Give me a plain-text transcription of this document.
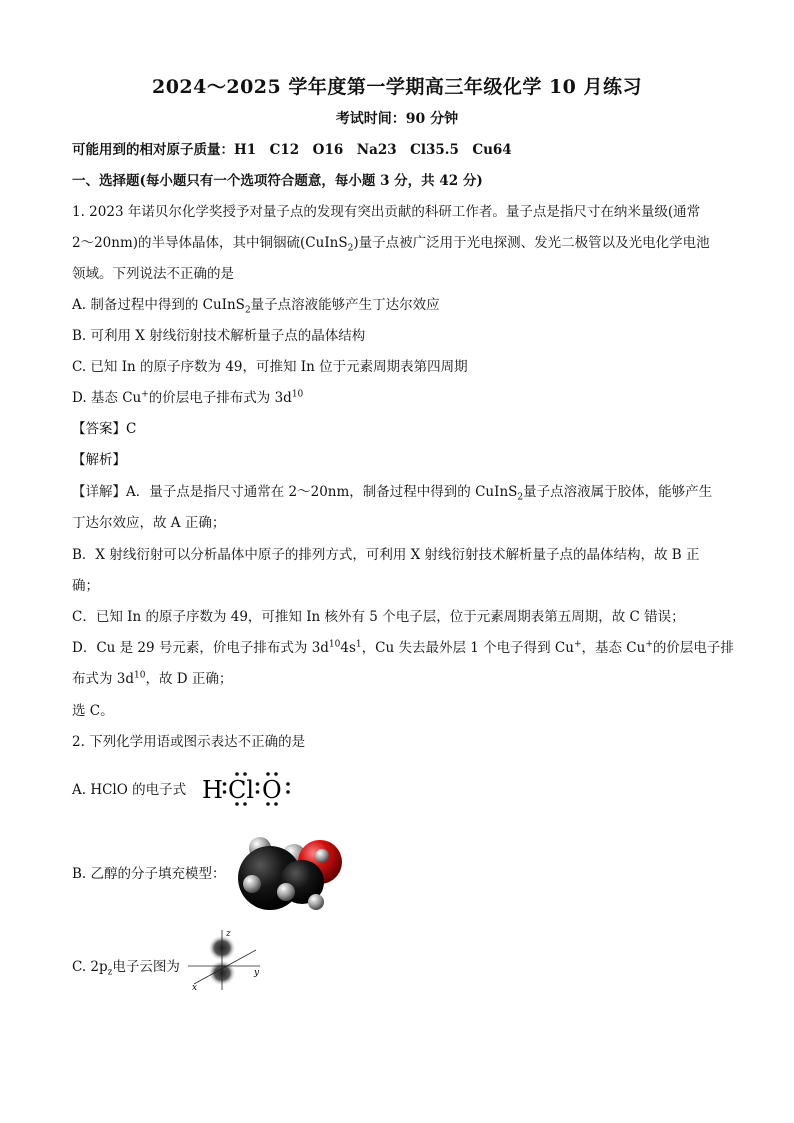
2024～2025 学年度第一学期高三年级化学 10 月练习
考试时间：90 分钟
可能用到的相对原子质量：H1　C12　O16　Na23　Cl35.5　Cu64
一、选择题(每小题只有一个选项符合题意，每小题 3 分，共 42 分)
1. 2023 年诺贝尔化学奖授予对量子点的发现有突出贡献的科研工作者。量子点是指尺寸在纳米量级(通常
2～20nm)的半导体晶体，其中铜铟硫(CuInS$_2$)量子点被广泛用于光电探测、发光二极管以及光电化学电池
领域。下列说法不正确的是
A. 制备过程中得到的 CuInS$_2$量子点溶液能够产生丁达尔效应
B. 可利用 X 射线衍射技术解析量子点的晶体结构
C. 已知 In 的原子序数为 49，可推知 In 位于元素周期表第四周期
D. 基态 Cu+的价层电子排布式为 $3d^{10}$
【答案】C
【解析】
【详解】A．量子点是指尺寸通常在 2～20nm，制备过程中得到的 CuInS$_2$量子点溶液属于胶体，能够产生
丁达尔效应，故 A 正确；
B．X 射线衍射可以分析晶体中原子的排列方式，可利用 X 射线衍射技术解析量子点的晶体结构，故 B 正
确；
C．已知 In 的原子序数为 49，可推知 In 核外有 5 个电子层，位于元素周期表第五周期，故 C 错误；
D．Cu 是 29 号元素，价电子排布式为 $3d^{10}4s^1$，Cu 失去最外层 1 个电子得到 Cu+，基态 Cu+的价层电子排
布式为 $3d^{10}$，故 D 正确；
选 C。
2. 下列化学用语或图示表达不正确的是
A. HClO 的电子式 H Cl O
B. 乙醇的分子填充模型：
C. $2p_z$电子云图为
z
y
x
